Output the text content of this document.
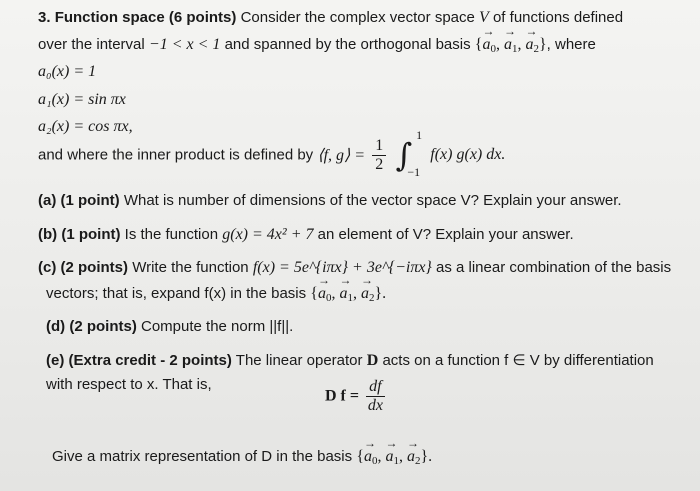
3. Function space (6 points) Consider the complex vector space V of functions defined
over the interval −1 < x < 1 and spanned by the orthogonal basis {→ $a_0$, → $a_1$, → $a_2$}, where
a₀(x) = 1
a₁(x) = sin πx
a₂(x) = cos πx,
and where the inner product is defined by ⟨f, g⟩ = $\frac{1}{2}$ ∫
1
−1
f(x) g(x) dx.
(a) (1 point) What is number of dimensions of the vector space V? Explain your answer.
(b) (1 point) Is the function g(x) = 4x² + 7 an element of V? Explain your answer.
(c) (2 points) Write the function f(x) = 5e^{iπx} + 3e^{−iπx} as a linear combination of the basis
vectors; that is, expand f(x) in the basis {→ $a_0$, → $a_1$, → $a_2$}.
(d) (2 points) Compute the norm ||f||.
(e) (Extra credit - 2 points) The linear operator D acts on a function f ∈ V by differentiation
with respect to x. That is,
D $f = \frac{df}{dx}$
Give a matrix representation of D in the basis {→ $a_0$, → $a_1$, → $a_2$}.
